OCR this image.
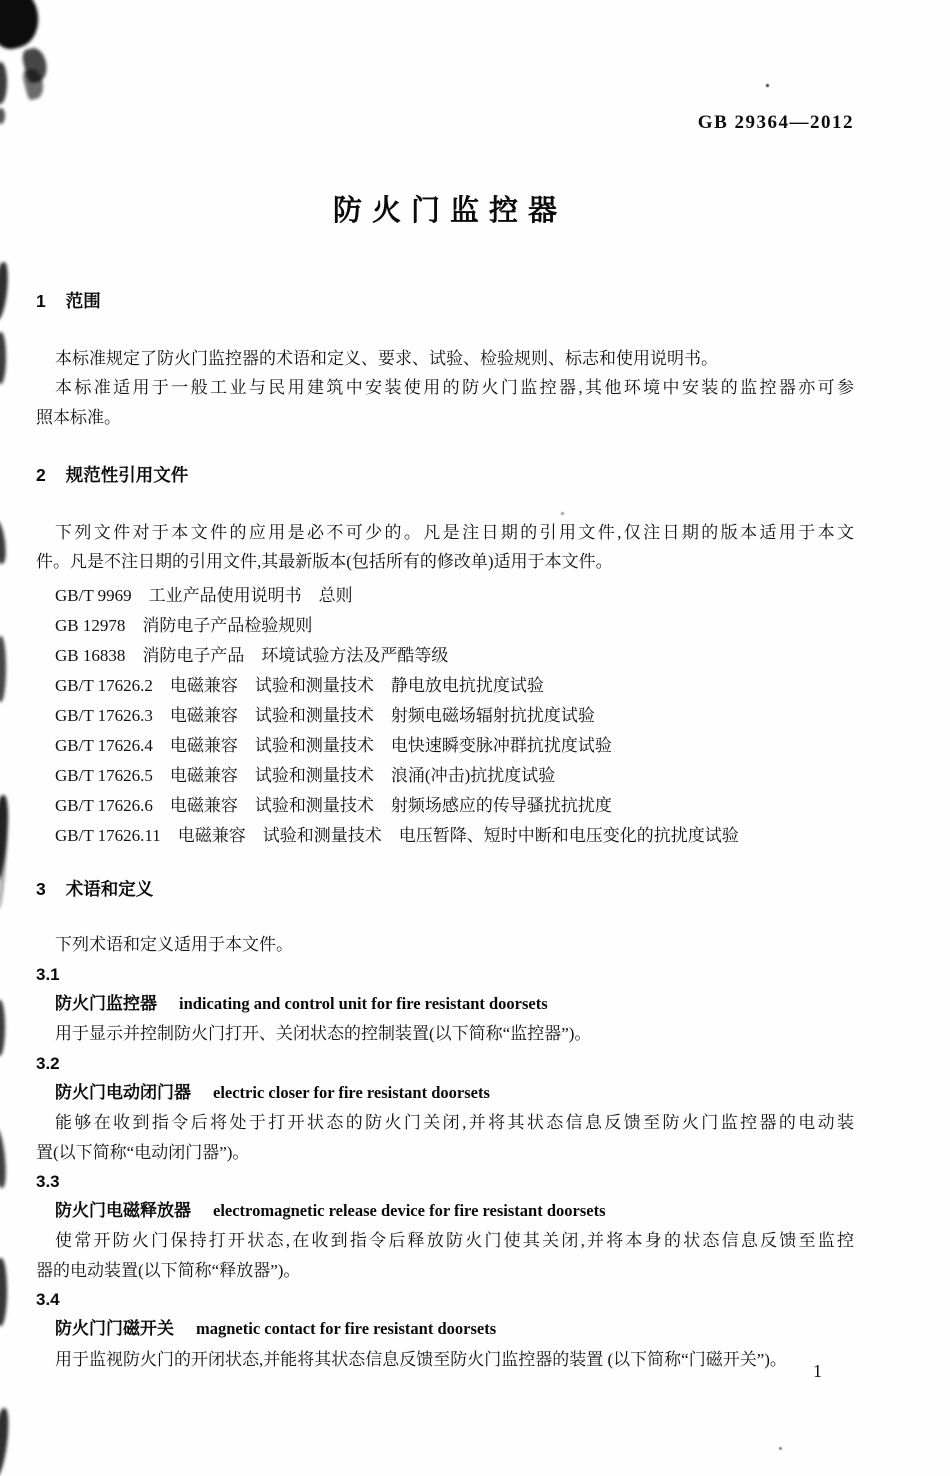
GB 29364—2012
防火门监控器
1 范围
本标准规定了防火门监控器的术语和定义、要求、试验、检验规则、标志和使用说明书。
本标准适用于一般工业与民用建筑中安装使用的防火门监控器,其他环境中安装的监控器亦可参
照本标准。
2 规范性引用文件
下列文件对于本文件的应用是必不可少的。凡是注日期的引用文件,仅注日期的版本适用于本文
件。凡是不注日期的引用文件,其最新版本(包括所有的修改单)适用于本文件。
GB/T 9969　工业产品使用说明书　总则
GB 12978　消防电子产品检验规则
GB 16838　消防电子产品　环境试验方法及严酷等级
GB/T 17626.2　电磁兼容　试验和测量技术　静电放电抗扰度试验
GB/T 17626.3　电磁兼容　试验和测量技术　射频电磁场辐射抗扰度试验
GB/T 17626.4　电磁兼容　试验和测量技术　电快速瞬变脉冲群抗扰度试验
GB/T 17626.5　电磁兼容　试验和测量技术　浪涌(冲击)抗扰度试验
GB/T 17626.6　电磁兼容　试验和测量技术　射频场感应的传导骚扰抗扰度
GB/T 17626.11　电磁兼容　试验和测量技术　电压暂降、短时中断和电压变化的抗扰度试验
3 术语和定义
下列术语和定义适用于本文件。
3.1
防火门监控器 indicating and control unit for fire resistant doorsets
用于显示并控制防火门打开、关闭状态的控制装置(以下简称“监控器”)。
3.2
防火门电动闭门器 electric closer for fire resistant doorsets
能够在收到指令后将处于打开状态的防火门关闭,并将其状态信息反馈至防火门监控器的电动装
置(以下简称“电动闭门器”)。
3.3
防火门电磁释放器 electromagnetic release device for fire resistant doorsets
使常开防火门保持打开状态,在收到指令后释放防火门使其关闭,并将本身的状态信息反馈至监控
器的电动装置(以下简称“释放器”)。
3.4
防火门门磁开关 magnetic contact for fire resistant doorsets
用于监视防火门的开闭状态,并能将其状态信息反馈至防火门监控器的装置 (以下简称“门磁开关”)。
1
